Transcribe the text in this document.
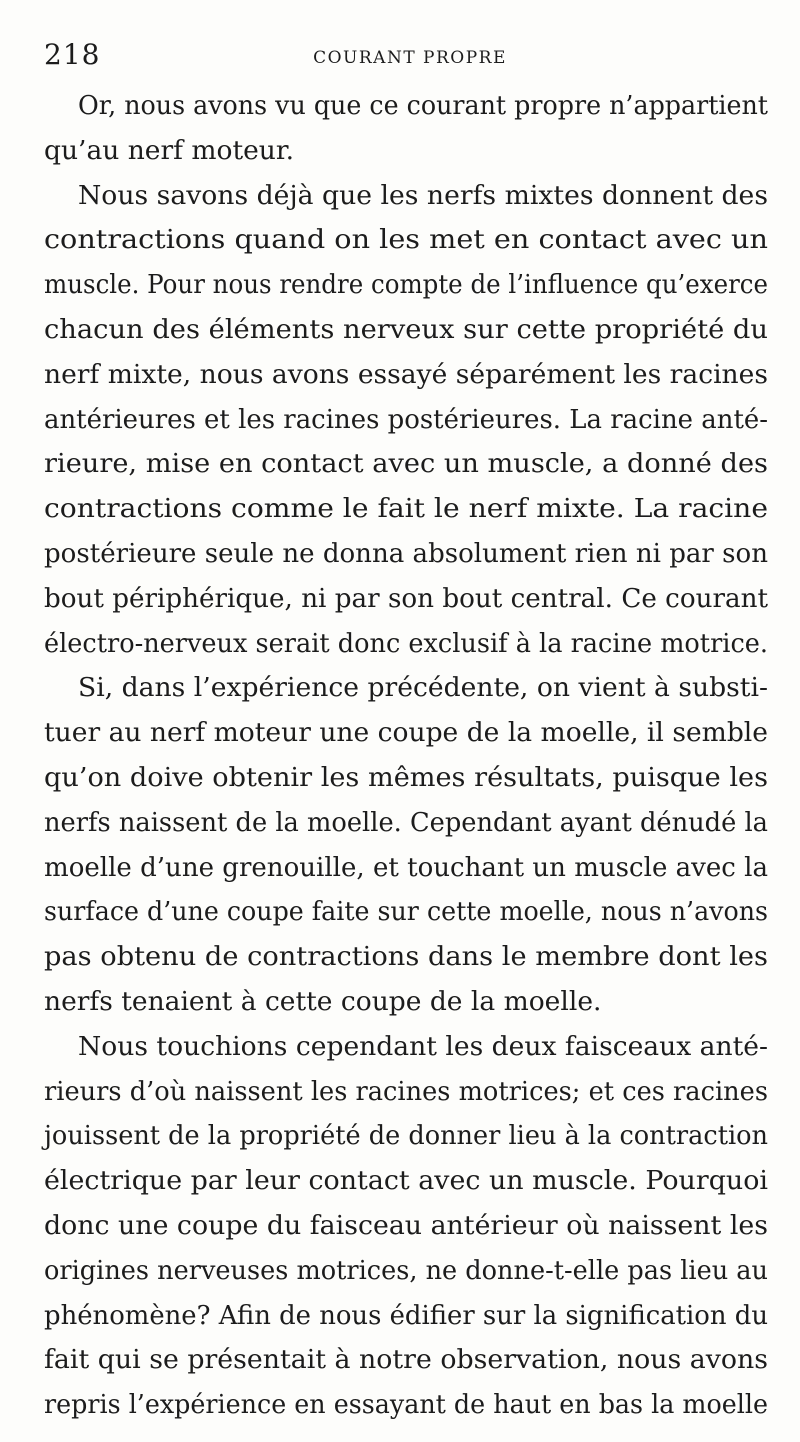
218	COURANT PROPRE
Or, nous avons vu que ce courant propre n’appartient
qu’au nerf moteur.
Nous savons déjà que les nerfs mixtes donnent des
contractions quand on les met en contact avec un
muscle. Pour nous rendre compte de l’influence qu’exerce
chacun des éléments nerveux sur cette propriété du
nerf mixte, nous avons essayé séparément les racines
antérieures et les racines postérieures. La racine anté-
rieure, mise en contact avec un muscle, a donné des
contractions comme le fait le nerf mixte. La racine
postérieure seule ne donna absolument rien ni par son
bout périphérique, ni par son bout central. Ce courant
électro-nerveux serait donc exclusif à la racine motrice.
Si, dans l’expérience précédente, on vient à substi-
tuer au nerf moteur une coupe de la moelle, il semble
qu’on doive obtenir les mêmes résultats, puisque les
nerfs naissent de la moelle. Cependant ayant dénudé la
moelle d’une grenouille, et touchant un muscle avec la
surface d’une coupe faite sur cette moelle, nous n’avons
pas obtenu de contractions dans le membre dont les
nerfs tenaient à cette coupe de la moelle.
Nous touchions cependant les deux faisceaux anté-
rieurs d’où naissent les racines motrices; et ces racines
jouissent de la propriété de donner lieu à la contraction
électrique par leur contact avec un muscle. Pourquoi
donc une coupe du faisceau antérieur où naissent les
origines nerveuses motrices, ne donne-t-elle pas lieu au
phénomène? Afin de nous édifier sur la signification du
fait qui se présentait à notre observation, nous avons
repris l’expérience en essayant de haut en bas la moelle
